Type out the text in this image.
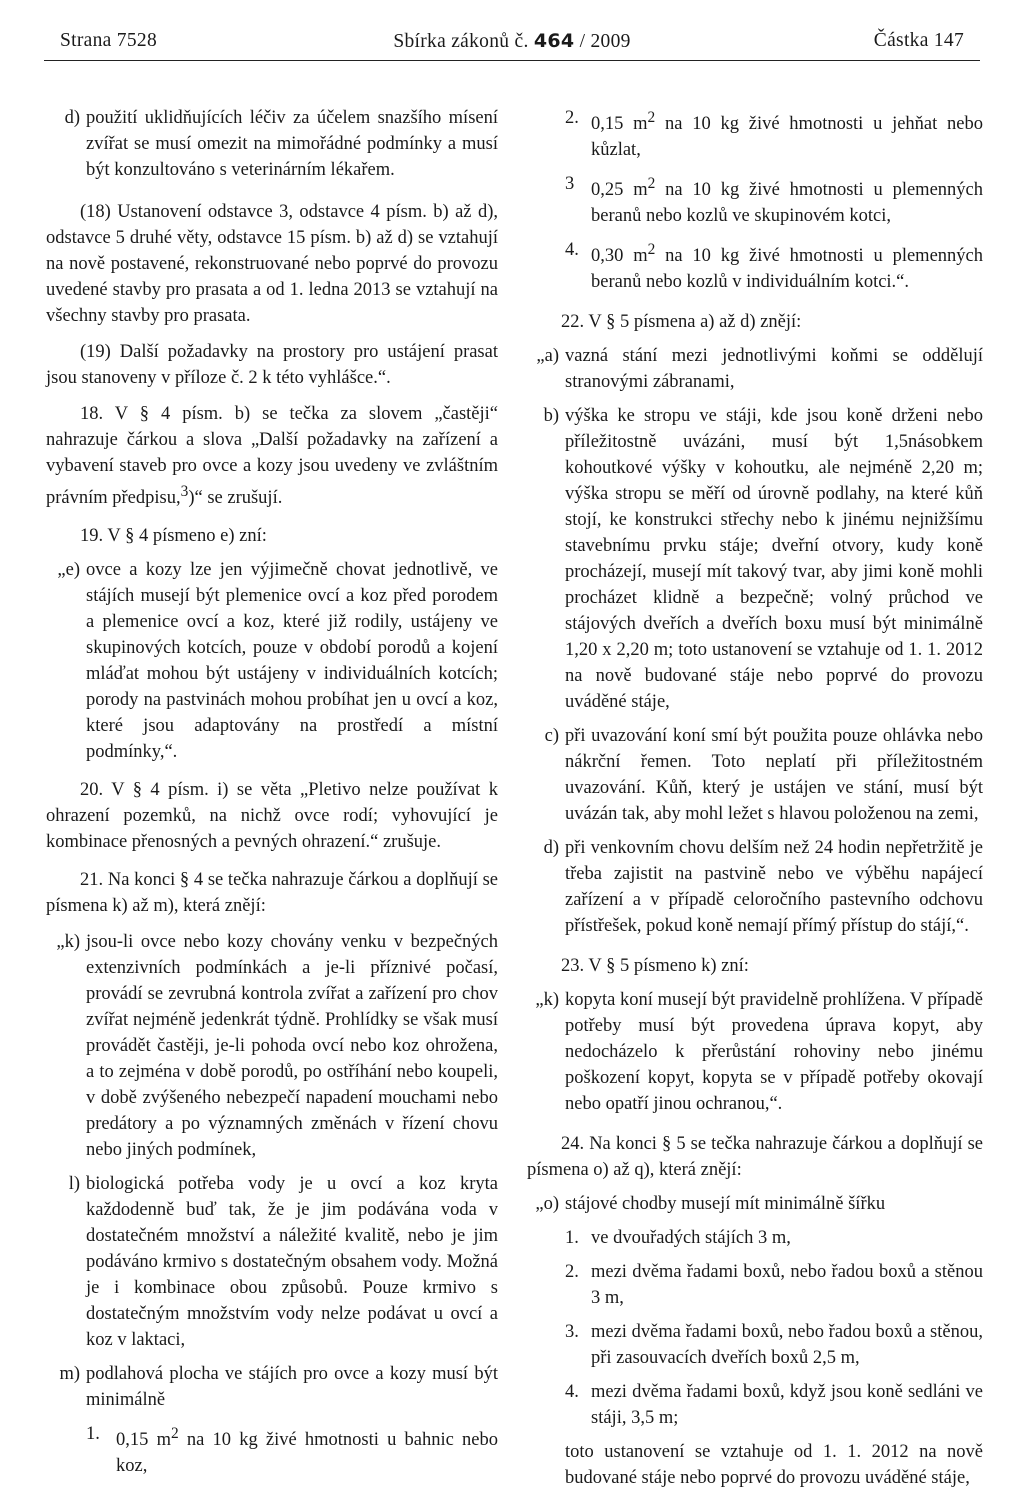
Strana 7528	Sbírka zákonů č. 464 / 2009	Částka 147
d) použití uklidňujících léčiv za účelem snazšího mísení zvířat se musí omezit na mimořádné podmínky a musí být konzultováno s veterinárním lékařem.

(18) Ustanovení odstavce 3, odstavce 4 písm. b) až d), odstavce 5 druhé věty, odstavce 15 písm. b) až d) se vztahují na nově postavené, rekonstruované nebo poprvé do provozu uvedené stavby pro prasata a od 1. ledna 2013 se vztahují na všechny stavby pro prasata.

(19) Další požadavky na prostory pro ustájení prasat jsou stanoveny v příloze č. 2 k této vyhlášce.“.

18. V § 4 písm. b) se tečka za slovem „častěji“ nahrazuje čárkou a slova „Další požadavky na zařízení a vybavení staveb pro ovce a kozy jsou uvedeny ve zvláštním právním předpisu,$^3$)“ se zrušují.

19. V § 4 písmeno e) zní:

„e) ovce a kozy lze jen výjimečně chovat jednotlivě, ve stájích musejí být plemenice ovcí a koz před porodem a plemenice ovcí a koz, které již rodily, ustájeny ve skupinových kotcích, pouze v období porodů a kojení mláďat mohou být ustájeny v individuálních kotcích; porody na pastvinách mohou probíhat jen u ovcí a koz, které jsou adaptovány na prostředí a místní podmínky,“.

20. V § 4 písm. i) se věta „Pletivo nelze používat k ohrazení pozemků, na nichž ovce rodí; vyhovující je kombinace přenosných a pevných ohrazení.“ zrušuje.

21. Na konci § 4 se tečka nahrazuje čárkou a doplňují se písmena k) až m), která znějí:

„k) jsou-li ovce nebo kozy chovány venku v bezpečných extenzivních podmínkách a je-li příznivé počasí, provádí se zevrubná kontrola zvířat a zařízení pro chov zvířat nejméně jedenkrát týdně. Prohlídky se však musí provádět častěji, je-li pohoda ovcí nebo koz ohrožena, a to zejména v době porodů, po ostříhání nebo koupeli, v době zvýšeného nebezpečí napadení mouchami nebo predátory a po významných změnách v řízení chovu nebo jiných podmínek,
l) biologická potřeba vody je u ovcí a koz kryta každodenně buď tak, že je jim podávána voda v dostatečném množství a náležité kvalitě, nebo je jim podáváno krmivo s dostatečným obsahem vody. Možná je i kombinace obou způsobů. Pouze krmivo s dostatečným množstvím vody nelze podávat u ovcí a koz v laktaci,
m) podlahová plocha ve stájích pro ovce a kozy musí být minimálně
1. 0,15 $m^2$ na 10 kg živé hmotnosti u bahnic nebo koz,
2. 0,15 $m^2$ na 10 kg živé hmotnosti u jehňat nebo kůzlat,
3 0,25 $m^2$ na 10 kg živé hmotnosti u plemenných beranů nebo kozlů ve skupinovém kotci,
4. 0,30 $m^2$ na 10 kg živé hmotnosti u plemenných beranů nebo kozlů v individuálním kotci.“.

22. V § 5 písmena a) až d) znějí:

„a) vazná stání mezi jednotlivými koňmi se oddělují stranovými zábranami,
b) výška ke stropu ve stáji, kde jsou koně drženi nebo příležitostně uvázáni, musí být 1,5násobkem kohoutkové výšky v kohoutku, ale nejméně 2,20 m; výška stropu se měří od úrovně podlahy, na které kůň stojí, ke konstrukci střechy nebo k jinému nejnižšímu stavebnímu prvku stáje; dveřní otvory, kudy koně procházejí, musejí mít takový tvar, aby jimi koně mohli procházet klidně a bezpečně; volný průchod ve stájových dveřích a dveřích boxu musí být minimálně 1,20 x 2,20 m; toto ustanovení se vztahuje od 1. 1. 2012 na nově budované stáje nebo poprvé do provozu uváděné stáje,
c) při uvazování koní smí být použita pouze ohlávka nebo nákrční řemen. Toto neplatí při příležitostném uvazování. Kůň, který je ustájen ve stání, musí být uvázán tak, aby mohl ležet s hlavou položenou na zemi,
d) při venkovním chovu delším než 24 hodin nepřetržitě je třeba zajistit na pastvině nebo ve výběhu napájecí zařízení a v případě celoročního pastevního odchovu přístřešek, pokud koně nemají přímý přístup do stájí,“.

23. V § 5 písmeno k) zní:

„k) kopyta koní musejí být pravidelně prohlížena. V případě potřeby musí být provedena úprava kopyt, aby nedocházelo k přerůstání rohoviny nebo jinému poškození kopyt, kopyta se v případě potřeby okovají nebo opatří jinou ochranou,“.

24. Na konci § 5 se tečka nahrazuje čárkou a doplňují se písmena o) až q), která znějí:

„o) stájové chodby musejí mít minimálně šířku
1. ve dvouřadých stájích 3 m,
2. mezi dvěma řadami boxů, nebo řadou boxů a stěnou 3 m,
3. mezi dvěma řadami boxů, nebo řadou boxů a stěnou, při zasouvacích dveřích boxů 2,5 m,
4. mezi dvěma řadami boxů, když jsou koně sedláni ve stáji, 3,5 m;

toto ustanovení se vztahuje od 1. 1. 2012 na nově budované stáje nebo poprvé do provozu uváděné stáje,
